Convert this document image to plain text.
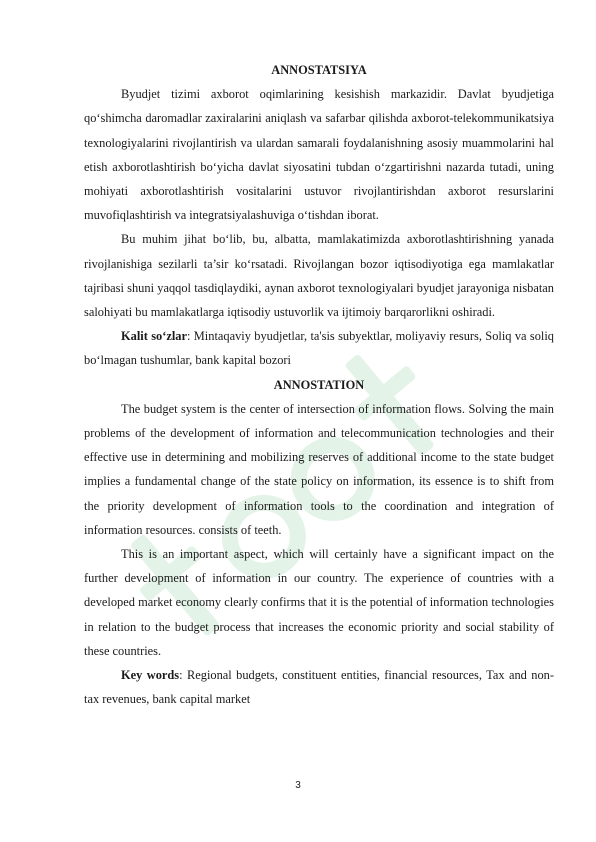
ANNOSTATSIYA

Byudjet tizimi axborot oqimlarining kesishish markazidir. Davlat byudjetiga qo‘shimcha daromadlar zaxiralarini aniqlash va safarbar qilishda axborot-telekommunikatsiya texnologiyalarini rivojlantirish va ulardan samarali foydalanishning asosiy muammolarini hal etish axborotlashtirish bo‘yicha davlat siyosatini tubdan o‘zgartirishni nazarda tutadi, uning mohiyati axborotlashtirish vositalarini ustuvor rivojlantirishdan axborot resurslarini muvofiqlashtirish va integratsiyalashuviga o‘tishdan iborat.

Bu muhim jihat bo‘lib, bu, albatta, mamlakatimizda axborotlashtirishning yanada rivojlanishiga sezilarli ta’sir ko‘rsatadi. Rivojlangan bozor iqtisodiyotiga ega mamlakatlar tajribasi shuni yaqqol tasdiqlaydiki, aynan axborot texnologiyalari byudjet jarayoniga nisbatan salohiyati bu mamlakatlarga iqtisodiy ustuvorlik va ijtimoiy barqarorlikni oshiradi.

Kalit so‘zlar: Mintaqaviy byudjetlar, ta'sis subyektlar, moliyaviy resurs, Soliq va soliq bo‘lmagan tushumlar, bank kapital bozori

ANNOSTATION

The budget system is the center of intersection of information flows. Solving the main problems of the development of information and telecommunication technologies and their effective use in determining and mobilizing reserves of additional income to the state budget implies a fundamental change of the state policy on information, its essence is to shift from the priority development of information tools to the coordination and integration of information resources. consists of teeth.

This is an important aspect, which will certainly have a significant impact on the further development of information in our country. The experience of countries with a developed market economy clearly confirms that it is the potential of information technologies in relation to the budget process that increases the economic priority and social stability of these countries.

Key words: Regional budgets, constituent entities, financial resources, Tax and non-tax revenues, bank capital market

3
